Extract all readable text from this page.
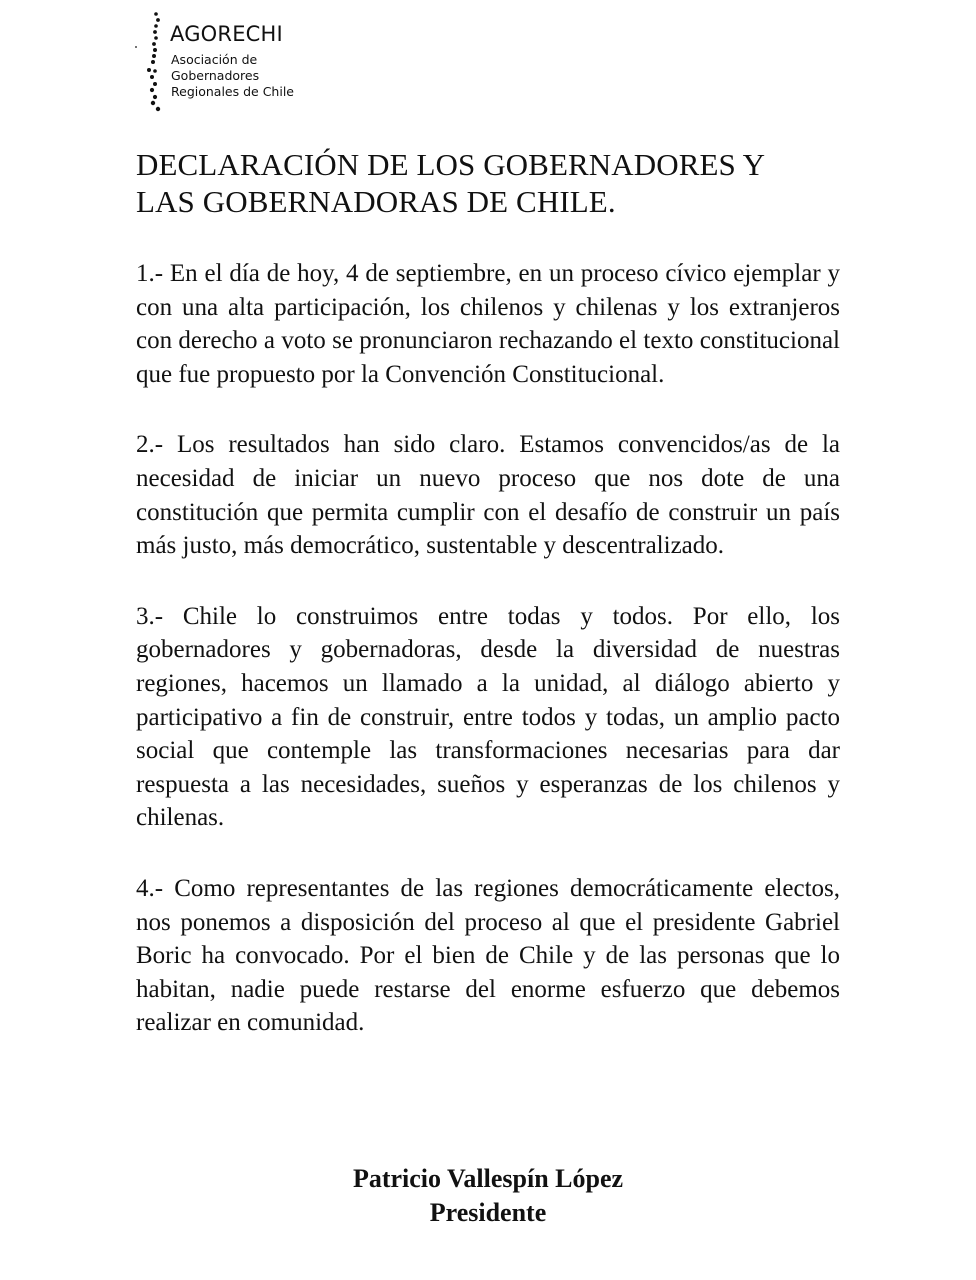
AGORECHI
Asociación de
Gobernadores
Regionales de Chile
DECLARACIÓN DE LOS GOBERNADORES Y
LAS GOBERNADORAS DE CHILE.

1.- En el día de hoy, 4 de septiembre, en un proceso cívico ejemplar y con una alta participación, los chilenos y chilenas y los extranjeros con derecho a voto se pronunciaron rechazando el texto constitucional que fue propuesto por la Convención Constitucional.

2.- Los resultados han sido claro. Estamos convencidos/as de la necesidad de iniciar un nuevo proceso que nos dote de una constitución que permita cumplir con el desafío de construir un país más justo, más democrático, sustentable y descentralizado.

3.- Chile lo construimos entre todas y todos. Por ello, los gobernadores y gobernadoras, desde la diversidad de nuestras regiones, hacemos un llamado a la unidad, al diálogo abierto y participativo a fin de construir, entre todos y todas, un amplio pacto social que contemple las transformaciones necesarias para dar respuesta a las necesidades, sueños y esperanzas de los chilenos y chilenas.

4.- Como representantes de las regiones democráticamente electos, nos ponemos a disposición del proceso al que el presidente Gabriel Boric ha convocado. Por el bien de Chile y de las personas que lo habitan, nadie puede restarse del enorme esfuerzo que debemos realizar en comunidad.

Patricio Vallespín López
Presidente
